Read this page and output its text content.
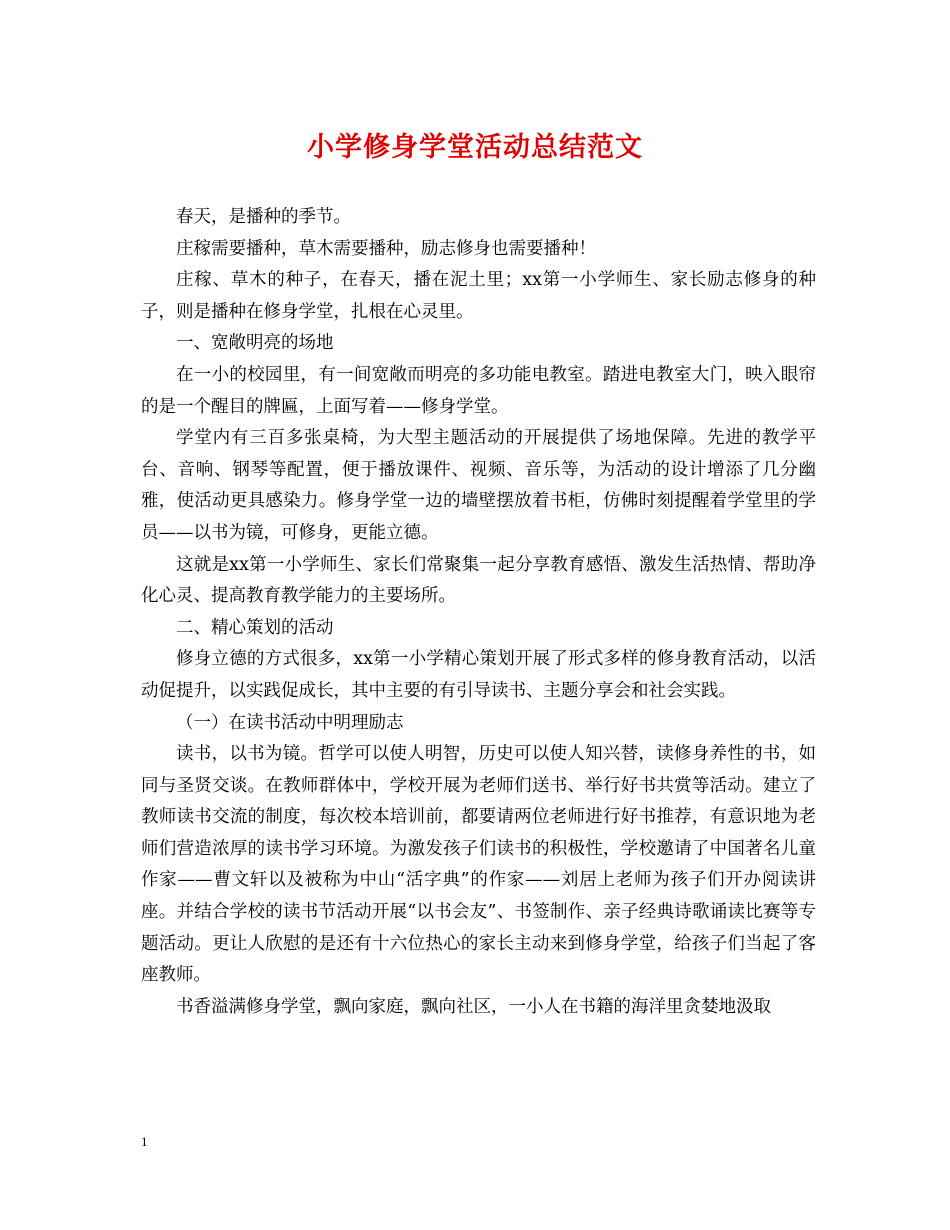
小学修身学堂活动总结范文

春天，是播种的季节。

庄稼需要播种，草木需要播种，励志修身也需要播种！

庄稼、草木的种子，在春天，播在泥土里；xx第一小学师生、家长励志修身的种子，则是播种在修身学堂，扎根在心灵里。

一、宽敞明亮的场地

在一小的校园里，有一间宽敞而明亮的多功能电教室。踏进电教室大门，映入眼帘的是一个醒目的牌匾，上面写着——修身学堂。

学堂内有三百多张桌椅，为大型主题活动的开展提供了场地保障。先进的教学平台、音响、钢琴等配置，便于播放课件、视频、音乐等，为活动的设计增添了几分幽雅，使活动更具感染力。修身学堂一边的墙壁摆放着书柜，仿佛时刻提醒着学堂里的学员——以书为镜，可修身，更能立德。

这就是xx第一小学师生、家长们常聚集一起分享教育感悟、激发生活热情、帮助净化心灵、提高教育教学能力的主要场所。

二、精心策划的活动

修身立德的方式很多，xx第一小学精心策划开展了形式多样的修身教育活动，以活动促提升，以实践促成长，其中主要的有引导读书、主题分享会和社会实践。

（一）在读书活动中明理励志

读书，以书为镜。哲学可以使人明智，历史可以使人知兴替，读修身养性的书，如同与圣贤交谈。在教师群体中，学校开展为老师们送书、举行好书共赏等活动。建立了教师读书交流的制度，每次校本培训前，都要请两位老师进行好书推荐，有意识地为老师们营造浓厚的读书学习环境。为激发孩子们读书的积极性，学校邀请了中国著名儿童作家——曹文轩以及被称为中山“活字典”的作家——刘居上老师为孩子们开办阅读讲座。并结合学校的读书节活动开展“以书会友”、书签制作、亲子经典诗歌诵读比赛等专题活动。更让人欣慰的是还有十六位热心的家长主动来到修身学堂，给孩子们当起了客座教师。

书香溢满修身学堂，飘向家庭，飘向社区，一小人在书籍的海洋里贪婪地汲取

1
